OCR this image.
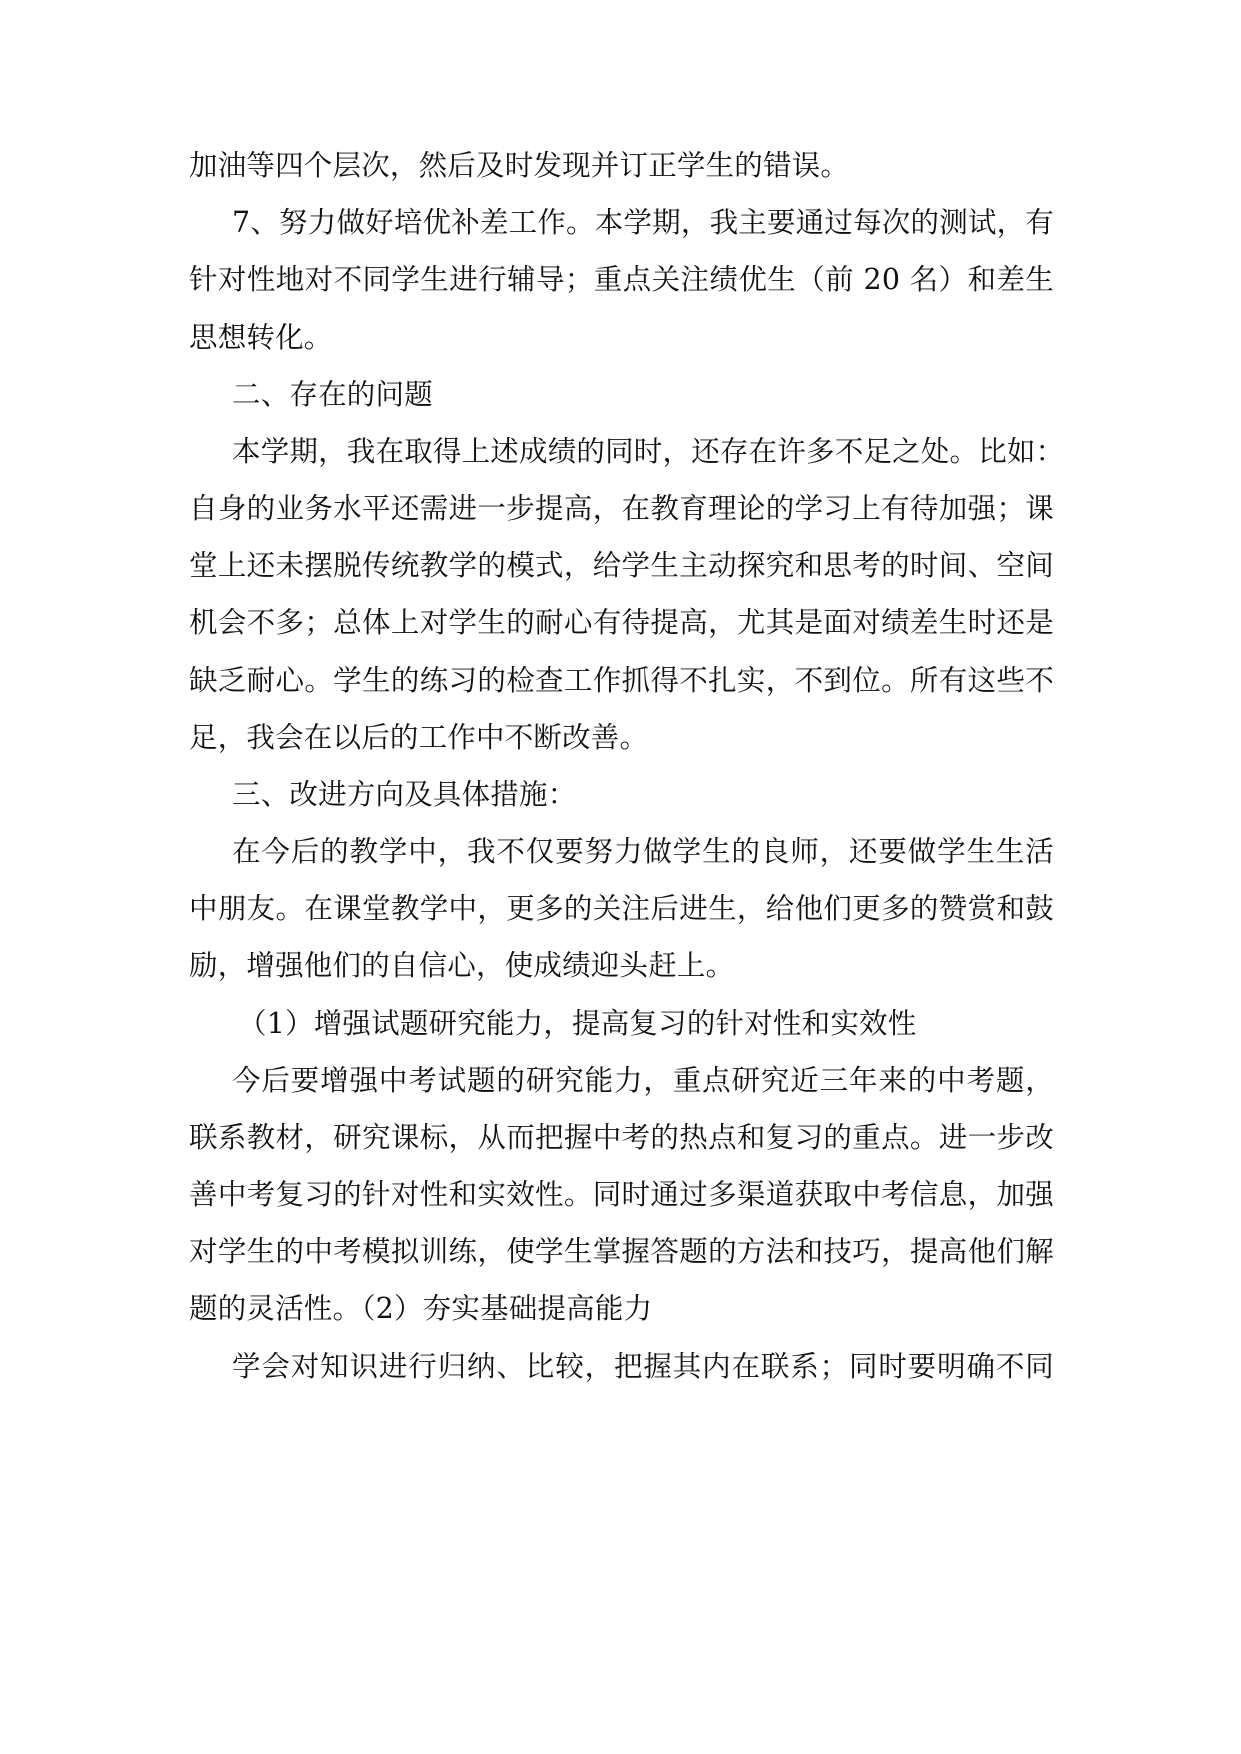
加油等四个层次，然后及时发现并订正学生的错误。
7、努力做好培优补差工作。本学期，我主要通过每次的测试，有
针对性地对不同学生进行辅导；重点关注绩优生（前 20 名）和差生
思想转化。
二、存在的问题
本学期，我在取得上述成绩的同时，还存在许多不足之处。比如：
自身的业务水平还需进一步提高，在教育理论的学习上有待加强；课
堂上还未摆脱传统教学的模式，给学生主动探究和思考的时间、空间
机会不多；总体上对学生的耐心有待提高，尤其是面对绩差生时还是
缺乏耐心。学生的练习的检查工作抓得不扎实，不到位。所有这些不
足，我会在以后的工作中不断改善。
三、改进方向及具体措施：
在今后的教学中，我不仅要努力做学生的良师，还要做学生生活
中朋友。在课堂教学中，更多的关注后进生，给他们更多的赞赏和鼓
励，增强他们的自信心，使成绩迎头赶上。
（1）增强试题研究能力，提高复习的针对性和实效性
今后要增强中考试题的研究能力，重点研究近三年来的中考题，
联系教材，研究课标，从而把握中考的热点和复习的重点。进一步改
善中考复习的针对性和实效性。同时通过多渠道获取中考信息，加强
对学生的中考模拟训练，使学生掌握答题的方法和技巧，提高他们解
题的灵活性。（2）夯实基础提高能力
学会对知识进行归纳、比较，把握其内在联系；同时要明确不同
